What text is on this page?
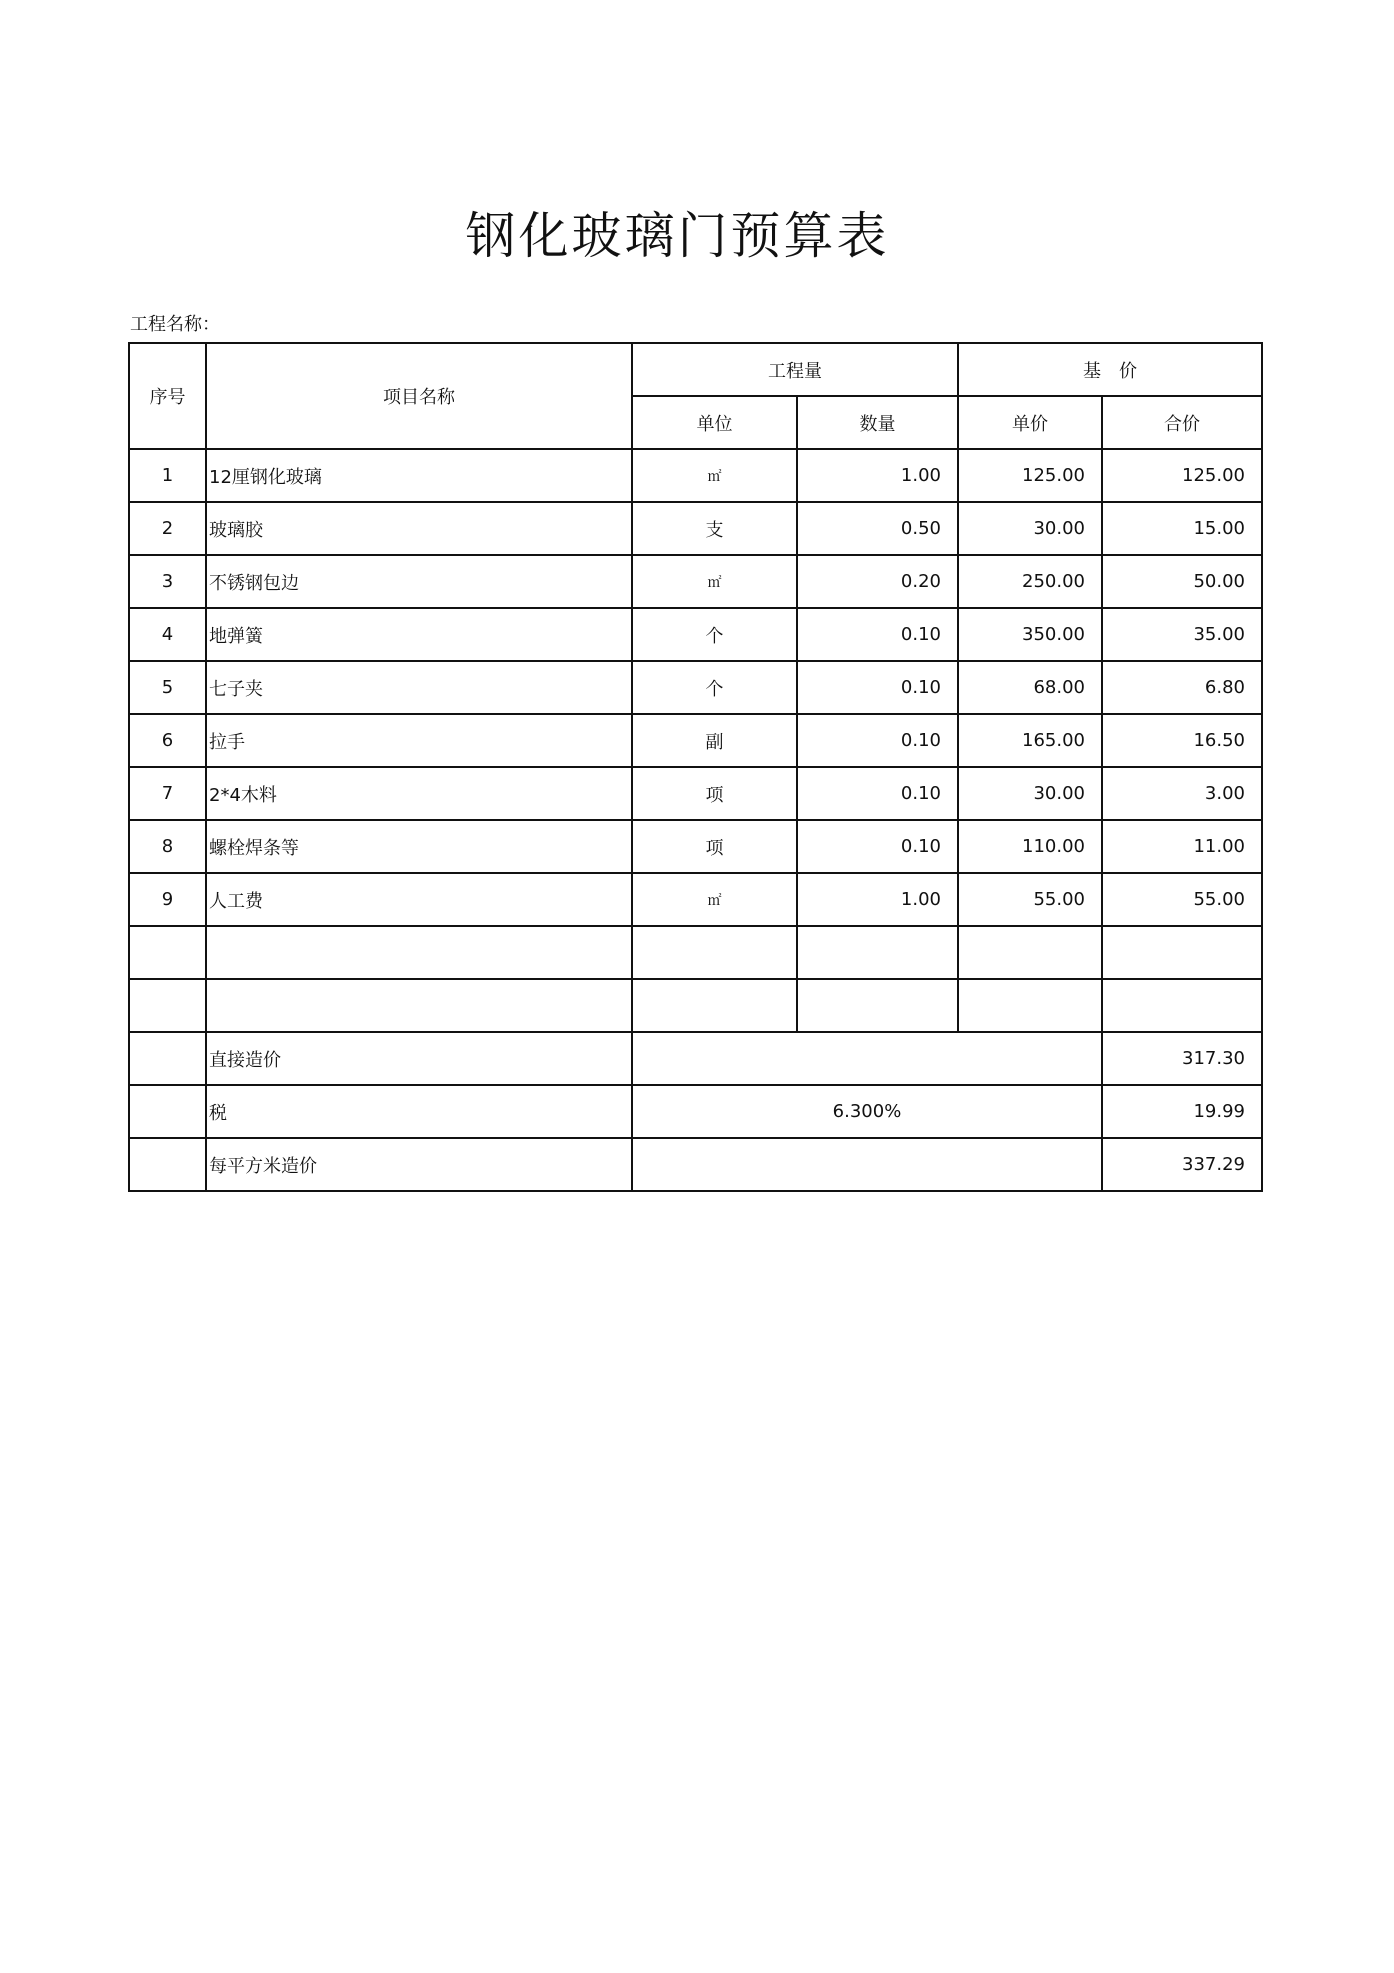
钢化玻璃门预算表
工程名称：
序号	项目名称	工程量		基　价	
		单位	数量	单价	合价
1	12厘钢化玻璃	㎡	1.00	125.00	125.00
2	玻璃胶	支	0.50	30.00	15.00
3	不锈钢包边	㎡	0.20	250.00	50.00
4	地弹簧	个	0.10	350.00	35.00
5	七子夹	个	0.10	68.00	6.80
6	拉手	副	0.10	165.00	16.50
7	2*4木料	项	0.10	30.00	3.00
8	螺栓焊条等	项	0.10	110.00	11.00
9	人工费	㎡	1.00	55.00	55.00

	直接造价				317.30
	税	6.300%			19.99
	每平方米造价				337.29
